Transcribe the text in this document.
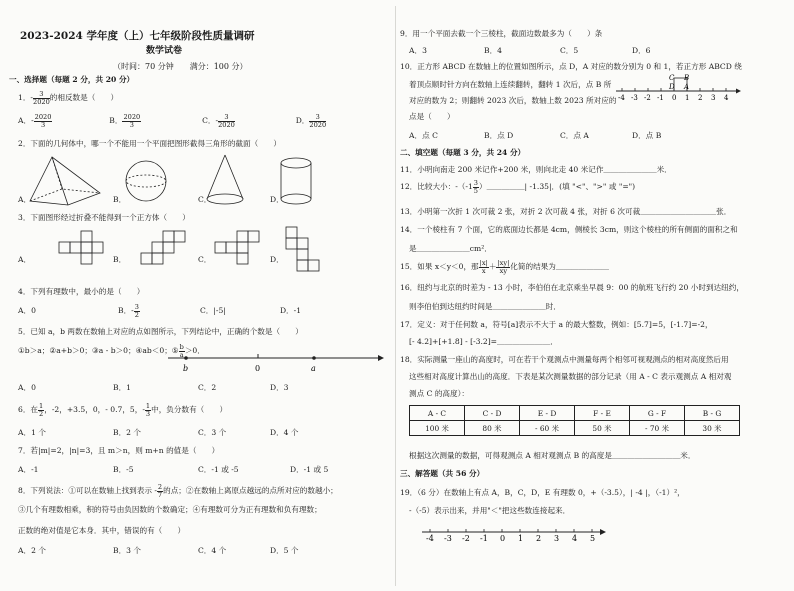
2023-2024 学年度（上）七年级阶段性质量调研
数学试卷
（时间：70 分钟　　满分：100 分）
一、选择题（每题 2 分，共 20 分）
1．- $\frac{3}{2020}$ 的相反数是（　　）
A．- $\frac{2020}{3}$	B． $\frac{2020}{3}$	C．- $\frac{3}{2020}$	D． $\frac{3}{2020}$
2．下面的几何体中，哪一个不能用一个平面把图形截得三角形的截面（　　）
A．	B．	C．	D．
3．下面图形经过折叠不能得到一个正方体（　　）
A．	B．	C．	D．
4．下列有理数中，最小的是（　　）
A．0	B．- $\frac{3}{2}$	C．|-5|	D．-1
5．已知 a，b 两数在数轴上对应的点如图所示，下列结论中，正确的个数是（　　）
①b＞a；②a+b＞0；③a - b＞0；④ab＜0；⑤ $\frac{b}{a} >0$．
b	0	a
A．0	B．1	C．2	D．3
6．在 $\frac{1}{2}$ ，-2，+3.5，0，- 0.7，5，- $\frac{1}{3}$ 中，负分数有（　　）
A．1 个	B．2 个	C．3 个	D．4 个
7．若|m|=2，|n|=3，且 m＞n，则 m+n 的值是（　　）
A．-1	B．-5	C．-1 或 -5	D．-1 或 5
8．下列说法：①可以在数轴上找到表示 - $\frac{2}{7}$ 的点；②在数轴上离原点越远的点所对应的数越小；
③几个有理数相乘，积的符号由负因数的个数确定；④有理数可分为正有理数和负有理数；
正数的绝对值是它本身．其中，错误的有（　　）
A．2 个	B．3 个	C．4 个	D．5 个
9．用一个平面去截一个三棱柱，截面边数最多为（　　）条
A．3	B．4	C．5	D．6
10．正方形 ABCD 在数轴上的位置如图所示，点 D，A 对应的数分别为 0 和 1，若正方形 ABCD 绕
着顶点顺时针方向在数轴上连续翻转，翻转 1 次后，点 B 所
对应的数为 2；则翻转 2023 次后，数轴上数 2023 所对应的
点是（　　）
-4 -3 -2 -1 0 1 2 3 4
C B
D A
A．点 C	B．点 D	C．点 A	D．点 B
二、填空题（每题 3 分，共 24 分）
11．小明向南走 200 米记作+200 米，则向北走 40 米记作＿＿＿＿＿＿＿米．
12．比较大小：$-(-1 \frac{3}{5}$ ）＿＿＿＿＿| -1.35|．(填 "<"、">" 或 "=")
13．小明第一次折 1 次可裁 2 张，对折 2 次可裁 4 张，对折 6 次可裁＿＿＿＿＿＿＿＿＿＿张．
14．一个棱柱有 7 个面，它的底面边长都是 4cm，侧棱长 3cm，则这个棱柱的所有侧面的面积之和
是＿＿＿＿＿＿＿cm²．
15．如果 x＜y＜0，那 $\frac{|x|}{x} + \frac{|xy|}{xy}$ 化简的结果为＿＿＿＿＿＿＿
16．纽约与北京的时差为 - 13 小时，李伯伯在北京乘坐早晨 9：00 的航班飞行约 20 小时到达纽约，
则李伯伯到达纽约时间是＿＿＿＿＿＿＿时．
17．定义：对于任何数 a，符号[a]表示不大于 a 的最大整数，例如：[5.7]=5，[-1.7]=-2，
[- 4.2]+[+1.8] - [-3.2]=＿＿＿＿＿＿＿．
18．实际测量一座山的高度时，可在若干个观测点中测量每两个相邻可视观测点的相对高度然后用
这些相对高度计算出山的高度．下表是某次测量数据的部分记录（用 A - C 表示观测点 A 相对观
测点 C 的高度）：
A - C	C - D	E - D	F - E	G - F	B - G
100 米	80 米	- 60 米	50 米	- 70 米	30 米
根据这次测量的数据，可得观测点 A 相对观测点 B 的高度是＿＿＿＿＿＿＿＿＿米．
三、解答题（共 56 分）
19．（6 分）在数轴上有点 A，B，C，D，E 有理数 0，+（-3.5），| -4 |，（-1）²，
-（-5）表示出来，并用"＜"把这些数连接起来．
-4 -3 -2 -1 0 1 2 3 4 5
